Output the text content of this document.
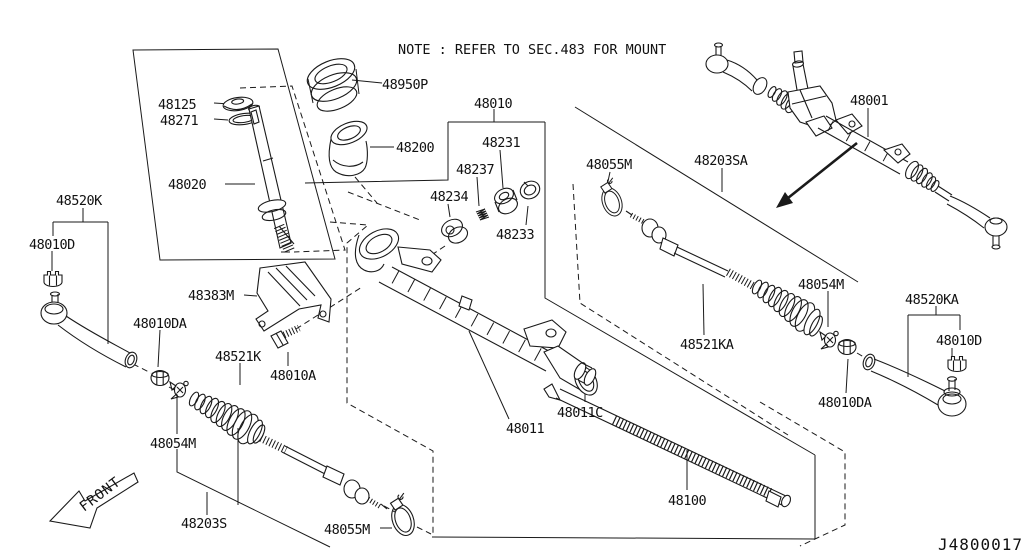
NOTE : REFER TO SEC.483 FOR MOUNT
J4800017
FRONT
48950P
48125
48271
48020
48200
48010
48231
48237
48234
48233
48001
48055M	48203SA
48054M
48521KA
48520KA
48010D
48010DA
48520K
48010D
48383M
48010DA
48521K
48010A
48054M
48011
48011C
48100
48203S	48055M
